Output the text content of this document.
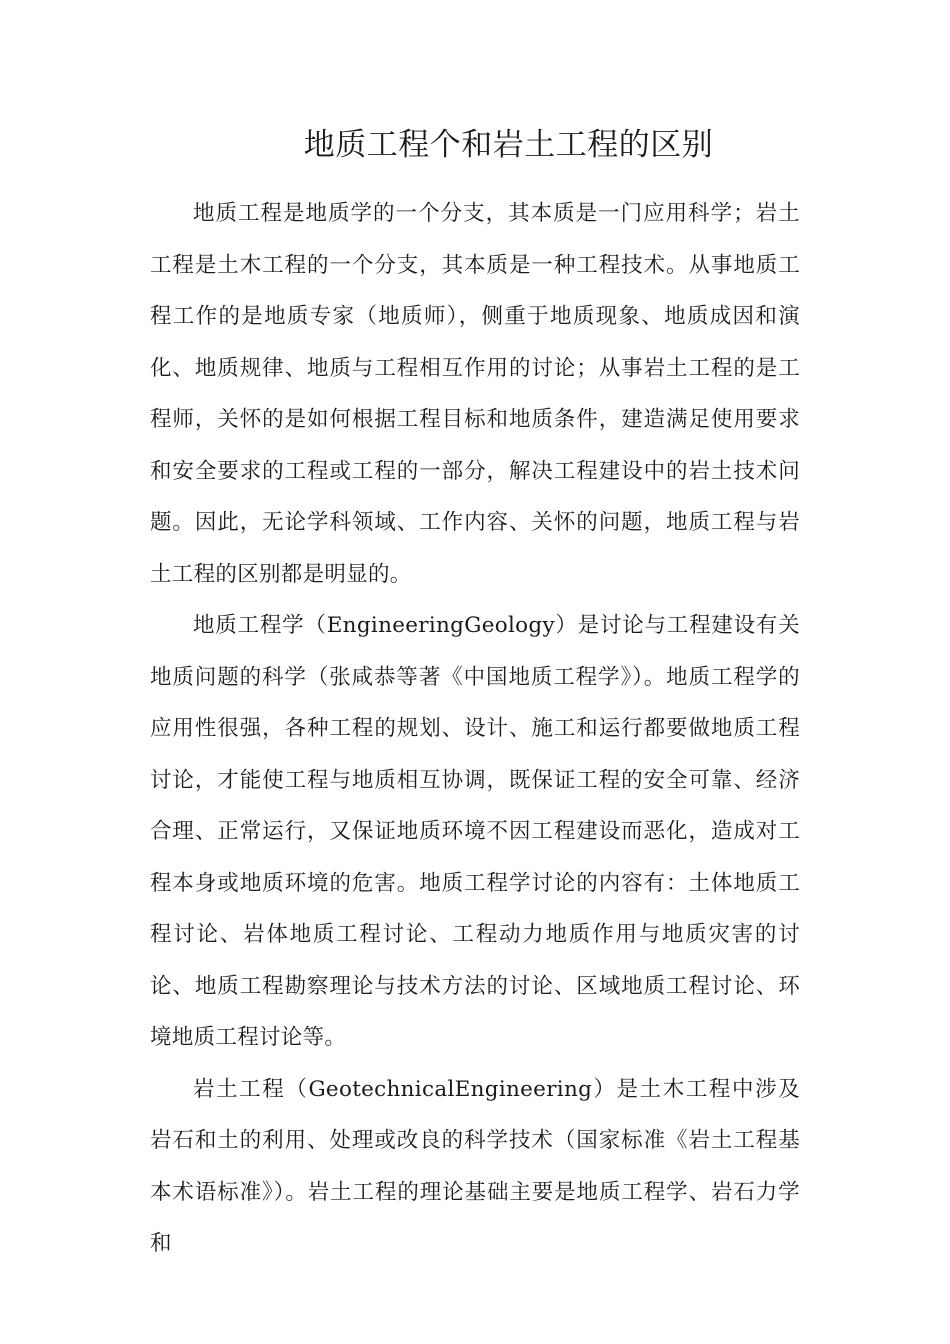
地质工程个和岩土工程的区别

地质工程是地质学的一个分支，其本质是一门应用科学；岩土工程是土木工程的一个分支，其本质是一种工程技术。从事地质工程工作的是地质专家（地质师），侧重于地质现象、地质成因和演化、地质规律、地质与工程相互作用的讨论；从事岩土工程的是工程师，关怀的是如何根据工程目标和地质条件，建造满足使用要求和安全要求的工程或工程的一部分，解决工程建设中的岩土技术问题。因此，无论学科领域、工作内容、关怀的问题，地质工程与岩土工程的区别都是明显的。

地质工程学（EngineeringGeology）是讨论与工程建设有关地质问题的科学（张咸恭等著《中国地质工程学》）。地质工程学的应用性很强，各种工程的规划、设计、施工和运行都要做地质工程讨论，才能使工程与地质相互协调，既保证工程的安全可靠、经济合理、正常运行，又保证地质环境不因工程建设而恶化，造成对工程本身或地质环境的危害。地质工程学讨论的内容有：土体地质工程讨论、岩体地质工程讨论、工程动力地质作用与地质灾害的讨论、地质工程勘察理论与技术方法的讨论、区域地质工程讨论、环境地质工程讨论等。

岩土工程（GeotechnicalEngineering）是土木工程中涉及岩石和土的利用、处理或改良的科学技术（国家标准《岩土工程基本术语标准》）。岩土工程的理论基础主要是地质工程学、岩石力学和
